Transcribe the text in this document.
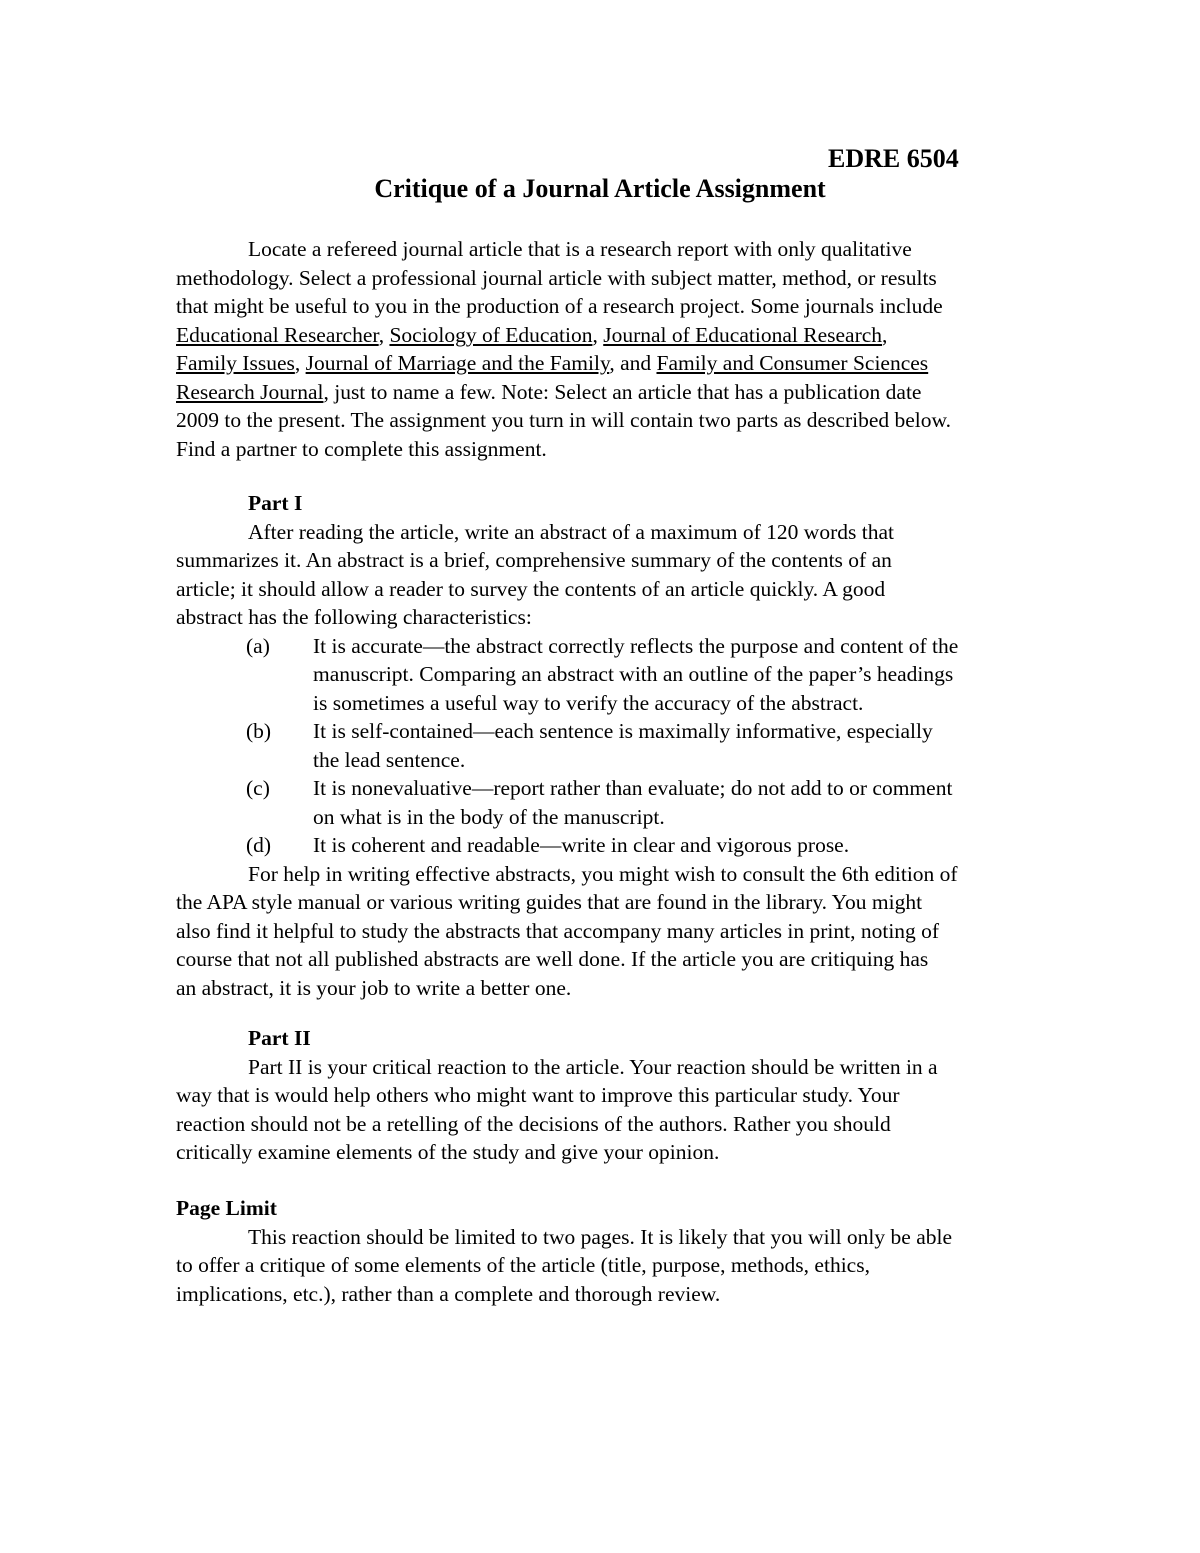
EDRE 6504
Critique of a Journal Article Assignment

Locate a refereed journal article that is a research report with only qualitative

methodology. Select a professional journal article with subject matter, method, or results

that might be useful to you in the production of a research project. Some journals include

Educational Researcher, Sociology of Education, Journal of Educational Research,

Family Issues, Journal of Marriage and the Family, and Family and Consumer Sciences

Research Journal, just to name a few. Note: Select an article that has a publication date

2009 to the present. The assignment you turn in will contain two parts as described below.

Find a partner to complete this assignment.

Part I

After reading the article, write an abstract of a maximum of 120 words that

summarizes it. An abstract is a brief, comprehensive summary of the contents of an

article; it should allow a reader to survey the contents of an article quickly. A good

abstract has the following characteristics:

(a)	It is accurate—the abstract correctly reflects the purpose and content of the

manuscript. Comparing an abstract with an outline of the paper’s headings

is sometimes a useful way to verify the accuracy of the abstract.

(b)	It is self-contained—each sentence is maximally informative, especially

the lead sentence.

(c)	It is nonevaluative—report rather than evaluate; do not add to or comment

on what is in the body of the manuscript.

(d)	It is coherent and readable—write in clear and vigorous prose.

For help in writing effective abstracts, you might wish to consult the 6th edition of

the APA style manual or various writing guides that are found in the library. You might

also find it helpful to study the abstracts that accompany many articles in print, noting of

course that not all published abstracts are well done. If the article you are critiquing has

an abstract, it is your job to write a better one.

Part II

Part II is your critical reaction to the article. Your reaction should be written in a

way that is would help others who might want to improve this particular study. Your

reaction should not be a retelling of the decisions of the authors. Rather you should

critically examine elements of the study and give your opinion.

Page Limit

This reaction should be limited to two pages. It is likely that you will only be able

to offer a critique of some elements of the article (title, purpose, methods, ethics,

implications, etc.), rather than a complete and thorough review.
